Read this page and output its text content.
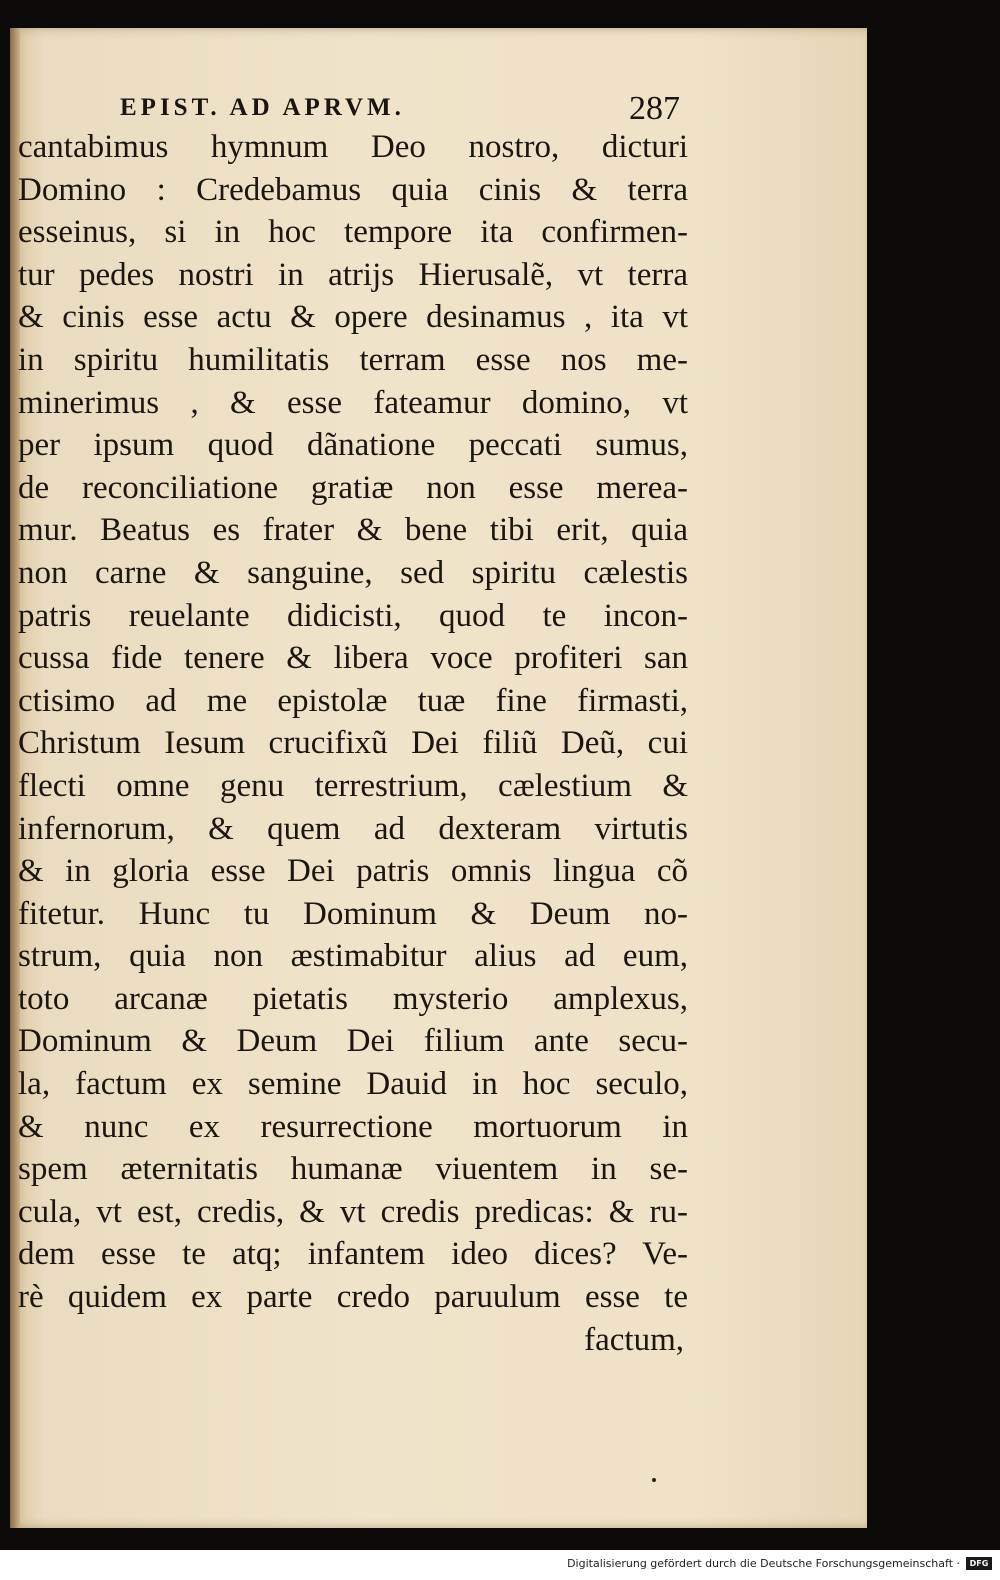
EPIST. AD APRVM.	287
cantabimus hymnum Deo nostro, dicturi
Domino : Credebamus quia cinis & terra
esseinus, si in hoc tempore ita confirmen-
tur pedes nostri in atrijs Hierusalẽ, vt terra
& cinis esse actu & opere desinamus , ita vt
in spiritu humilitatis terram esse nos me-
minerimus , & esse fateamur domino, vt
per ipsum quod dãnatione peccati sumus,
de reconciliatione gratiæ non esse merea-
mur. Beatus es frater & bene tibi erit, quia
non carne & sanguine, sed spiritu cælestis
patris reuelante didicisti, quod te incon-
cussa fide tenere & libera voce profiteri san
ctisimo ad me epistolæ tuæ fine firmasti,
Christum Iesum crucifixũ Dei filiũ Deũ, cui
flecti omne genu terrestrium, cælestium &
infernorum, & quem ad dexteram virtutis
& in gloria esse Dei patris omnis lingua cõ
fitetur. Hunc tu Dominum & Deum no-
strum, quia non æstimabitur alius ad eum,
toto arcanæ pietatis mysterio amplexus,
Dominum & Deum Dei filium ante secu-
la, factum ex semine Dauid in hoc seculo,
& nunc ex resurrectione mortuorum in
spem æternitatis humanæ viuentem in se-
cula, vt est, credis, & vt credis predicas: & ru-
dem esse te atq; infantem ideo dices? Ve-
rè quidem ex parte credo paruulum esse te
factum,
Digitalisierung gefördert durch die Deutsche Forschungsgemeinschaft ·	DFG
